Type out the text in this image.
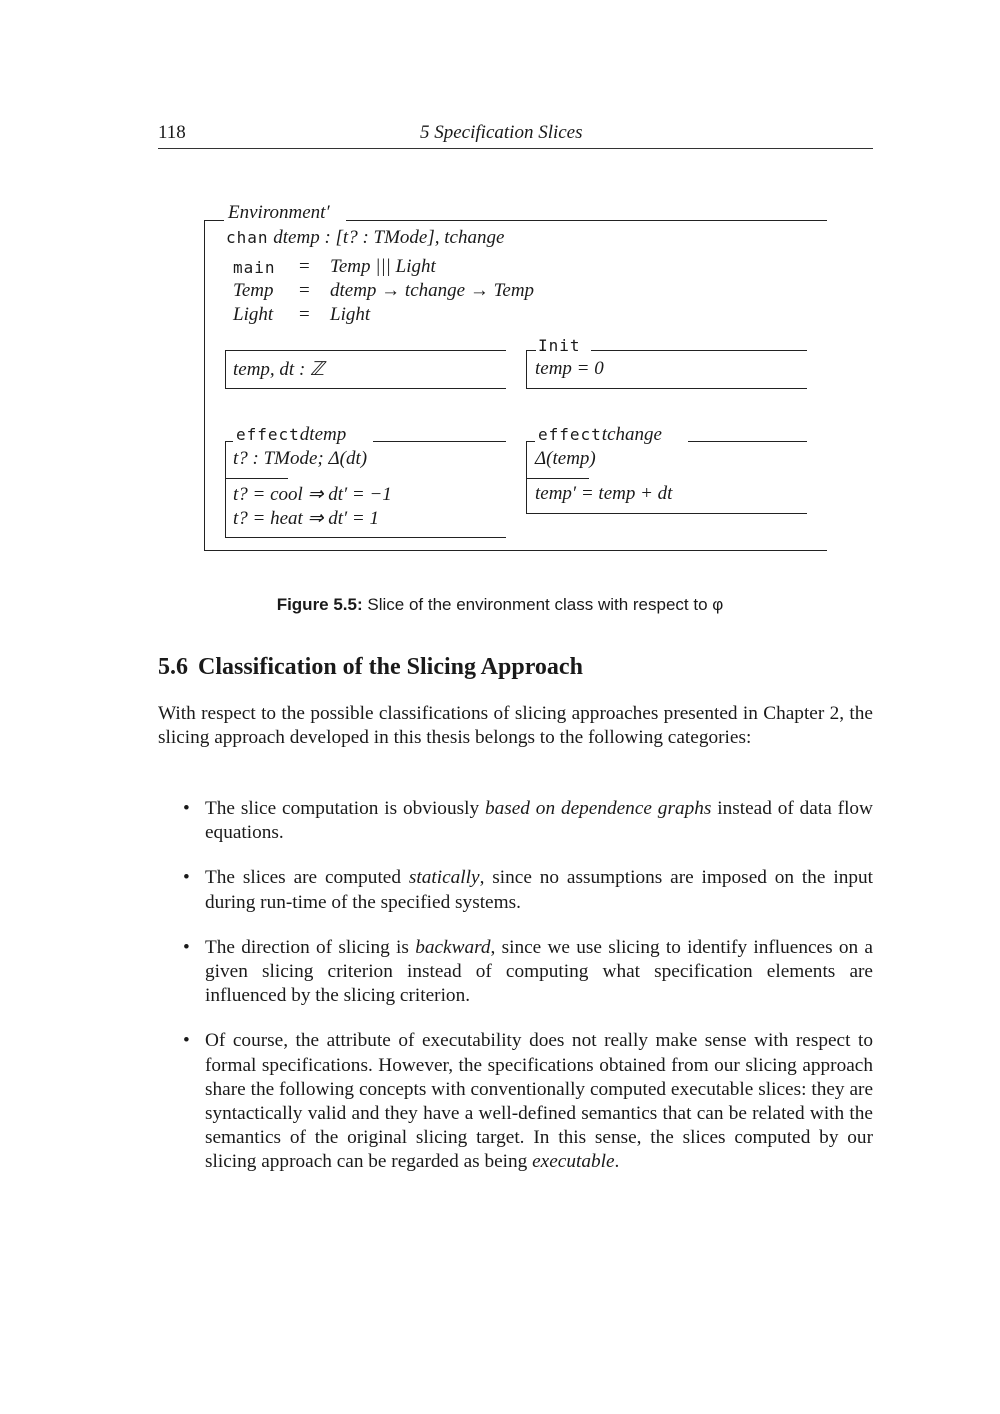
118	5 Specification Slices
Environment′
chan dtemp : [t? : TMode], tchange
main = Temp ||| Light
Temp = dtemp → tchange → Temp
Light = Light
temp, dt : ℤ
Init
temp = 0
effectdtemp
t? : TMode; Δ(dt)
t? = cool ⇒ dt′ = −1
t? = heat ⇒ dt′ = 1
effecttchange
Δ(temp)
temp′ = temp + dt
Figure 5.5: Slice of the environment class with respect to φ
5.6 Classification of the Slicing Approach
With respect to the possible classifications of slicing approaches presented in Chapter 2, the slicing approach developed in this thesis belongs to the following categories:
• The slice computation is obviously based on dependence graphs instead of data flow equations.
• The slices are computed statically, since no assumptions are imposed on the input during run-time of the specified systems.
• The direction of slicing is backward, since we use slicing to identify influences on a given slicing criterion instead of computing what specification elements are influenced by the slicing criterion.
• Of course, the attribute of executability does not really make sense with respect to formal specifications. However, the specifications obtained from our slicing approach share the following concepts with conventionally computed executable slices: they are syntactically valid and they have a well-defined semantics that can be related with the semantics of the original slicing target. In this sense, the slices computed by our slicing approach can be regarded as being executable.
